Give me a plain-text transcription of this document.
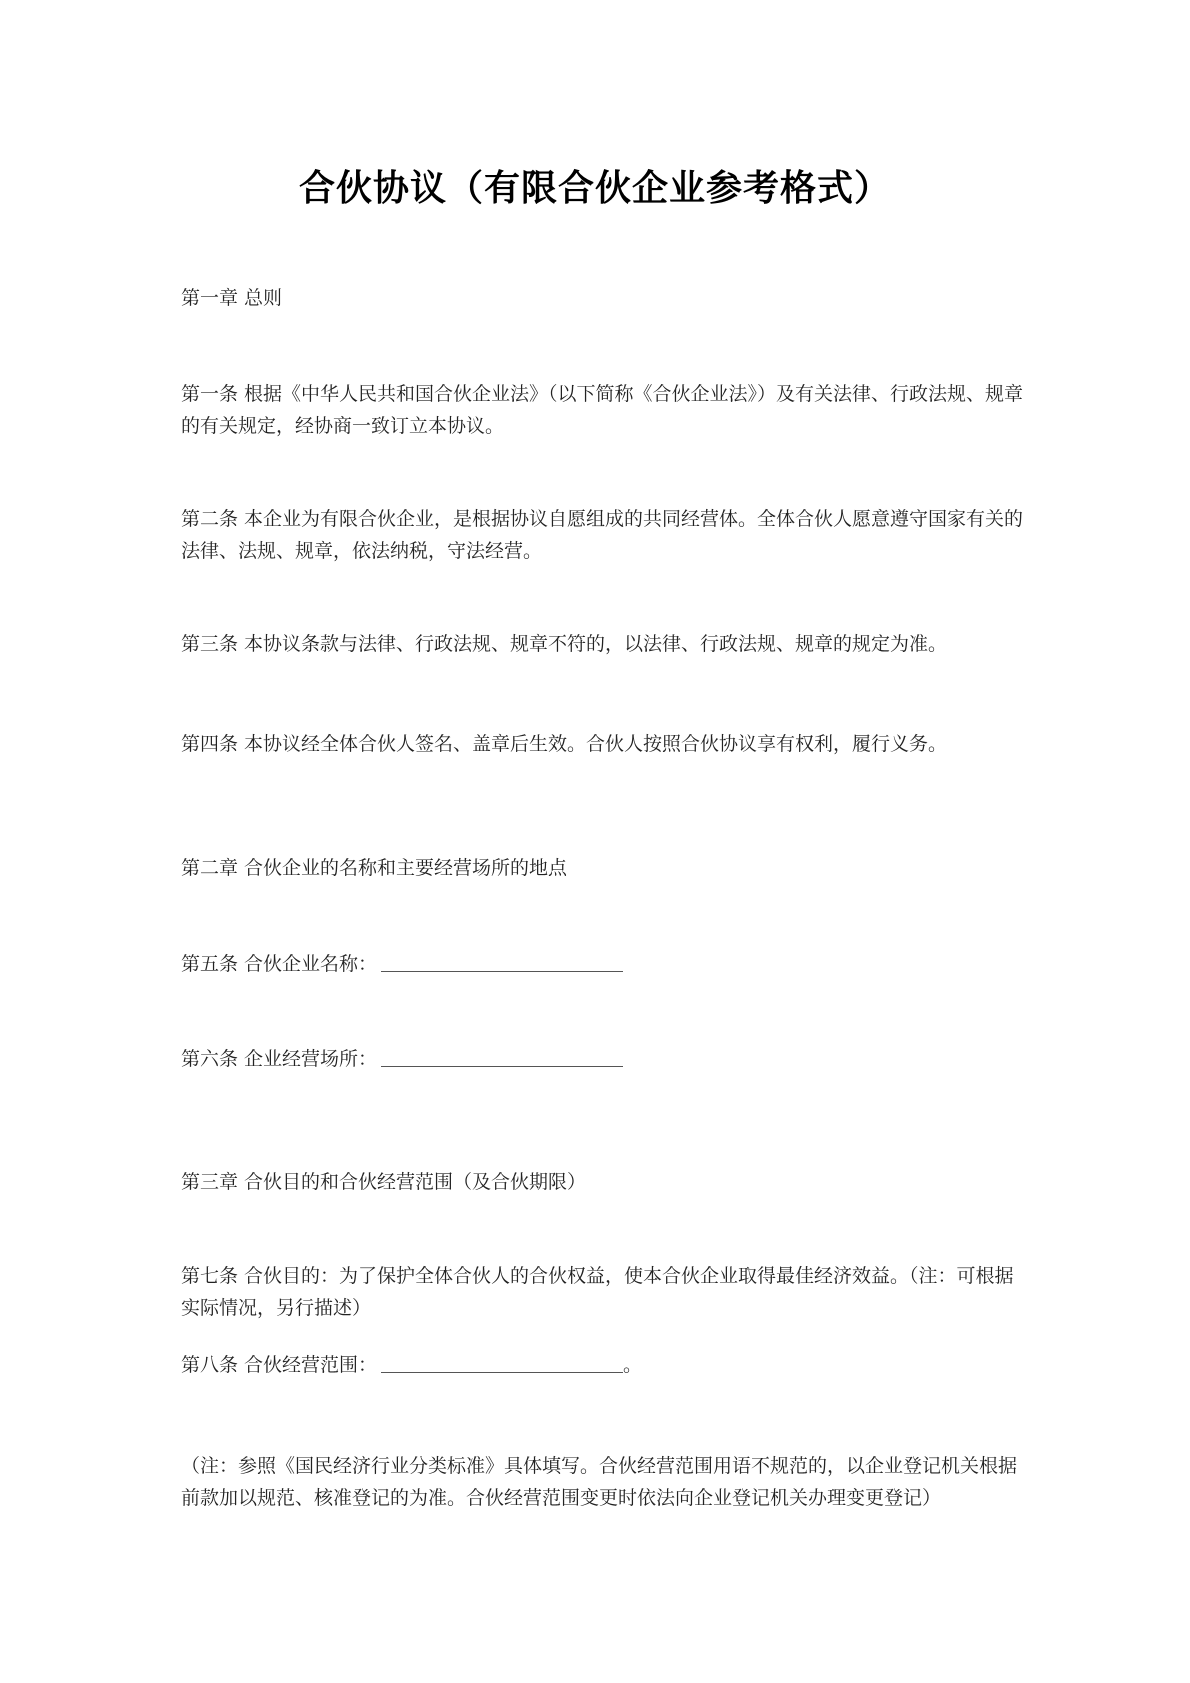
合伙协议（有限合伙企业参考格式）
第一章 总则
第一条 根据《中华人民共和国合伙企业法》（以下简称《合伙企业法》）及有关法律、行政法规、规章的有关规定，经协商一致订立本协议。
第二条 本企业为有限合伙企业，是根据协议自愿组成的共同经营体。全体合伙人愿意遵守国家有关的法律、法规、规章，依法纳税，守法经营。
第三条 本协议条款与法律、行政法规、规章不符的，以法律、行政法规、规章的规定为准。
第四条 本协议经全体合伙人签名、盖章后生效。合伙人按照合伙协议享有权利，履行义务。
第二章 合伙企业的名称和主要经营场所的地点
第五条 合伙企业名称：
第六条 企业经营场所：
第三章 合伙目的和合伙经营范围（及合伙期限）
第七条 合伙目的：为了保护全体合伙人的合伙权益，使本合伙企业取得最佳经济效益。（注：可根据实际情况，另行描述）
第八条 合伙经营范围：	。
（注：参照《国民经济行业分类标准》具体填写。合伙经营范围用语不规范的，以企业登记机关根据前款加以规范、核准登记的为准。合伙经营范围变更时依法向企业登记机关办理变更登记）
